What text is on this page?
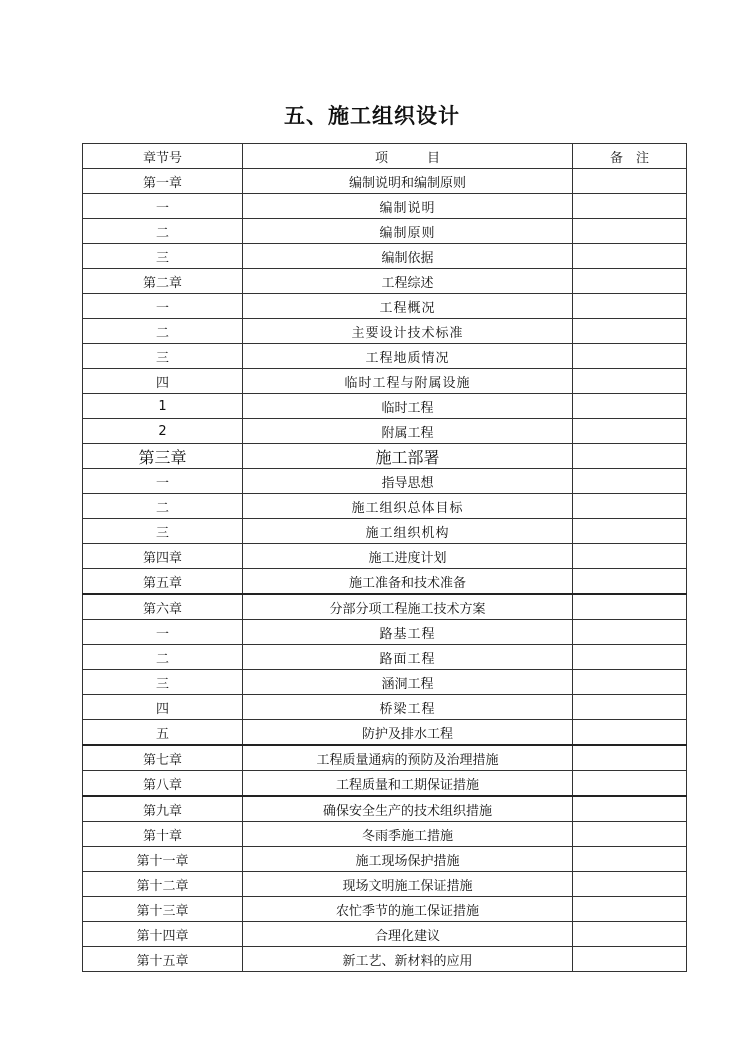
五、施工组织设计
章节号	项　　　目	备　注
第一章	编制说明和编制原则	
一	编制说明	
二	编制原则	
三	编制依据	
第二章	工程综述	
一	工程概况	
二	主要设计技术标准	
三	工程地质情况	
四	临时工程与附属设施	
1	临时工程	
2	附属工程	
第三章	施工部署	
一	指导思想	
二	施工组织总体目标	
三	施工组织机构	
第四章	施工进度计划	
第五章	施工准备和技术准备	
第六章	分部分项工程施工技术方案	
一	路基工程	
二	路面工程	
三	涵洞工程	
四	桥梁工程	
五	防护及排水工程	
第七章	工程质量通病的预防及治理措施	
第八章	工程质量和工期保证措施	
第九章	确保安全生产的技术组织措施	
第十章	冬雨季施工措施	
第十一章	施工现场保护措施	
第十二章	现场文明施工保证措施	
第十三章	农忙季节的施工保证措施	
第十四章	合理化建议	
第十五章	新工艺、新材料的应用	
